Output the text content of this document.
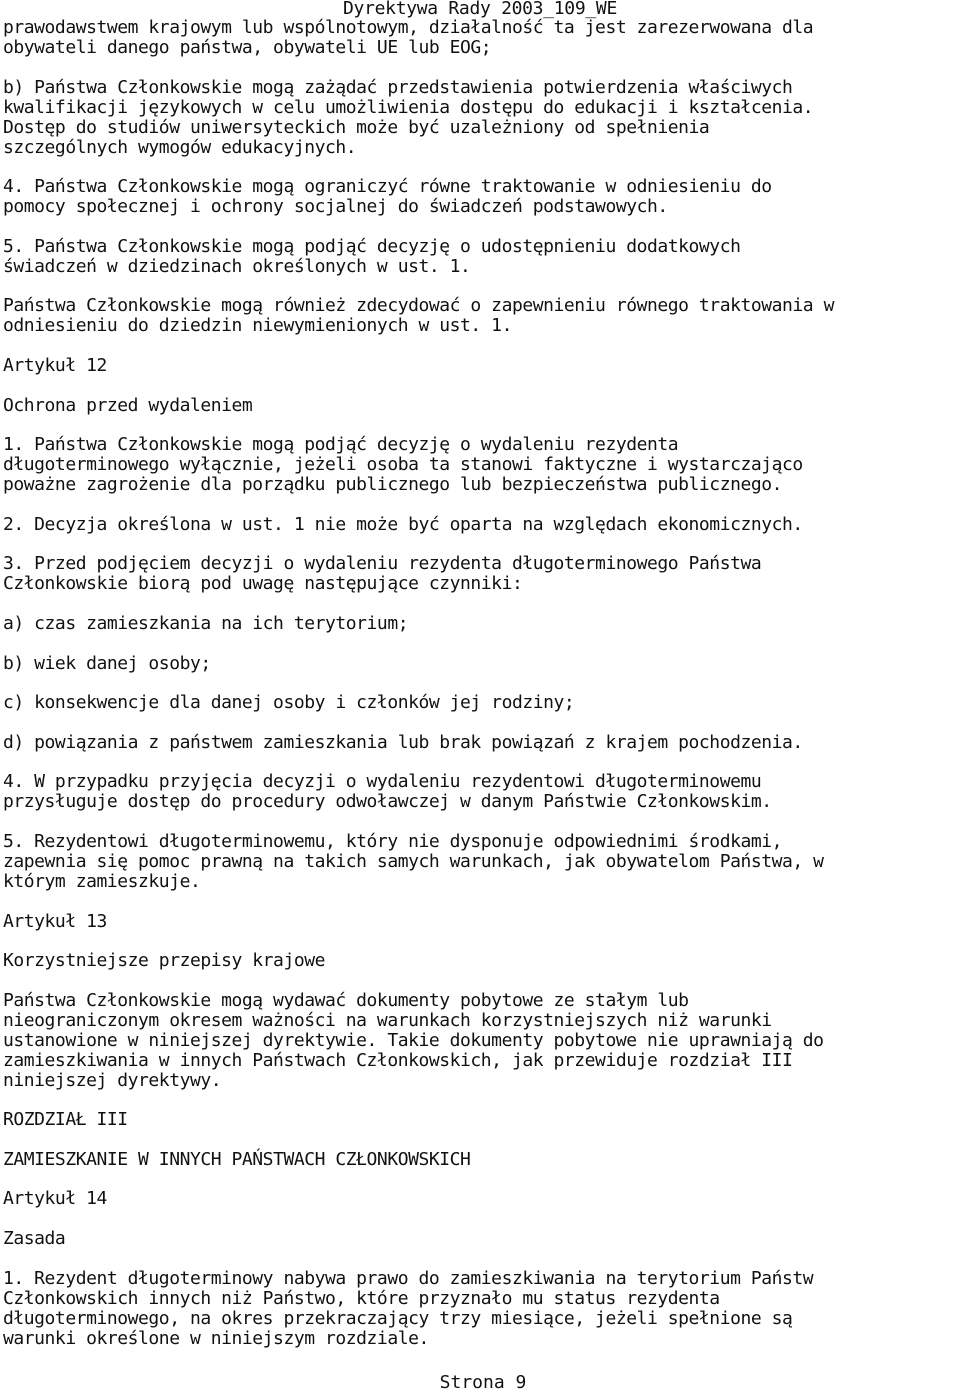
Dyrektywa Rady 2003_109_WE
prawodawstwem krajowym lub wspólnotowym, działalność ta jest zarezerwowana dla
obywateli danego państwa, obywateli UE lub EOG;
b) Państwa Członkowskie mogą zażądać przedstawienia potwierdzenia właściwych
kwalifikacji językowych w celu umożliwienia dostępu do edukacji i kształcenia.
Dostęp do studiów uniwersyteckich może być uzależniony od spełnienia
szczególnych wymogów edukacyjnych.
4. Państwa Członkowskie mogą ograniczyć równe traktowanie w odniesieniu do
pomocy społecznej i ochrony socjalnej do świadczeń podstawowych.
5. Państwa Członkowskie mogą podjąć decyzję o udostępnieniu dodatkowych
świadczeń w dziedzinach określonych w ust. 1.
Państwa Członkowskie mogą również zdecydować o zapewnieniu równego traktowania w
odniesieniu do dziedzin niewymienionych w ust. 1.
Artykuł 12
Ochrona przed wydaleniem
1. Państwa Członkowskie mogą podjąć decyzję o wydaleniu rezydenta
długoterminowego wyłącznie, jeżeli osoba ta stanowi faktyczne i wystarczająco
poważne zagrożenie dla porządku publicznego lub bezpieczeństwa publicznego.
2. Decyzja określona w ust. 1 nie może być oparta na względach ekonomicznych.
3. Przed podjęciem decyzji o wydaleniu rezydenta długoterminowego Państwa
Członkowskie biorą pod uwagę następujące czynniki:
a) czas zamieszkania na ich terytorium;
b) wiek danej osoby;
c) konsekwencje dla danej osoby i członków jej rodziny;
d) powiązania z państwem zamieszkania lub brak powiązań z krajem pochodzenia.
4. W przypadku przyjęcia decyzji o wydaleniu rezydentowi długoterminowemu
przysługuje dostęp do procedury odwoławczej w danym Państwie Członkowskim.
5. Rezydentowi długoterminowemu, który nie dysponuje odpowiednimi środkami,
zapewnia się pomoc prawną na takich samych warunkach, jak obywatelom Państwa, w
którym zamieszkuje.
Artykuł 13
Korzystniejsze przepisy krajowe
Państwa Członkowskie mogą wydawać dokumenty pobytowe ze stałym lub
nieograniczonym okresem ważności na warunkach korzystniejszych niż warunki
ustanowione w niniejszej dyrektywie. Takie dokumenty pobytowe nie uprawniają do
zamieszkiwania w innych Państwach Członkowskich, jak przewiduje rozdział III
niniejszej dyrektywy.
ROZDZIAŁ III
ZAMIESZKANIE W INNYCH PAŃSTWACH CZŁONKOWSKICH
Artykuł 14
Zasada
1. Rezydent długoterminowy nabywa prawo do zamieszkiwania na terytorium Państw
Członkowskich innych niż Państwo, które przyznało mu status rezydenta
długoterminowego, na okres przekraczający trzy miesiące, jeżeli spełnione są
warunki określone w niniejszym rozdziale.
Strona 9
